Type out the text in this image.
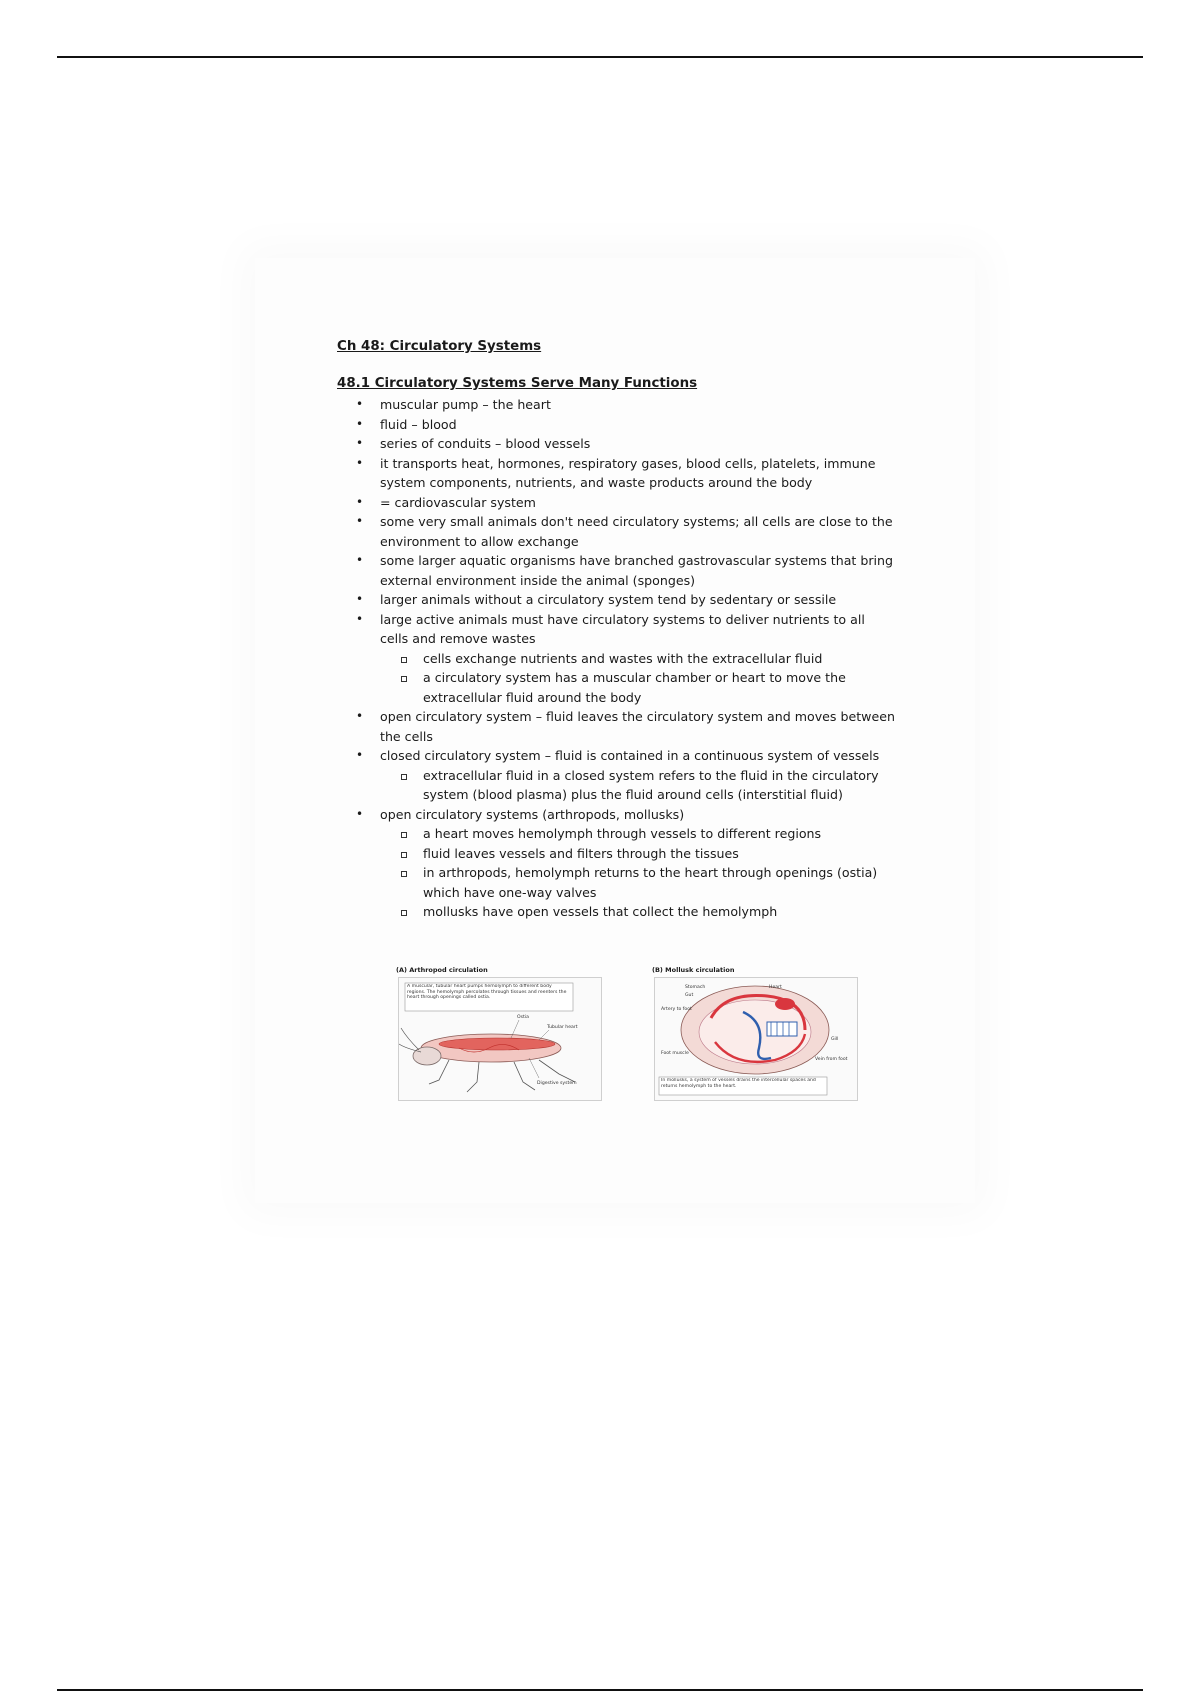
Ch 48: Circulatory Systems
48.1 Circulatory Systems Serve Many Functions
• muscular pump – the heart
• fluid – blood
• series of conduits – blood vessels
• it transports heat, hormones, respiratory gases, blood cells, platelets, immune system components, nutrients, and waste products around the body
• = cardiovascular system
• some very small animals don't need circulatory systems; all cells are close to the environment to allow exchange
• some larger aquatic organisms have branched gastrovascular systems that bring external environment inside the animal (sponges)
• larger animals without a circulatory system tend by sedentary or sessile
• large active animals must have circulatory systems to deliver nutrients to all cells and remove wastes
cells exchange nutrients and wastes with the extracellular fluid
a circulatory system has a muscular chamber or heart to move the extracellular fluid around the body
• open circulatory system – fluid leaves the circulatory system and moves between the cells
• closed circulatory system – fluid is contained in a continuous system of vessels
extracellular fluid in a closed system refers to the fluid in the circulatory system (blood plasma) plus the fluid around cells (interstitial fluid)
• open circulatory systems (arthropods, mollusks)
a heart moves hemolymph through vessels to different regions
fluid leaves vessels and filters through the tissues
in arthropods, hemolymph returns to the heart through openings (ostia) which have one-way valves
mollusks have open vessels that collect the hemolymph
(A) Arthropod circulation
A muscular, tubular heart pumps hemolymph to different body regions. The hemolymph percolates through tissues and reenters the heart through openings called ostia.
Ostia
Tubular heart
Digestive system
(B) Mollusk circulation
Stomach
Gut
Heart
Artery to foot
Gill
Foot muscle
Vein from foot
In mollusks, a system of vessels drains the intercellular spaces and returns hemolymph to the heart.
